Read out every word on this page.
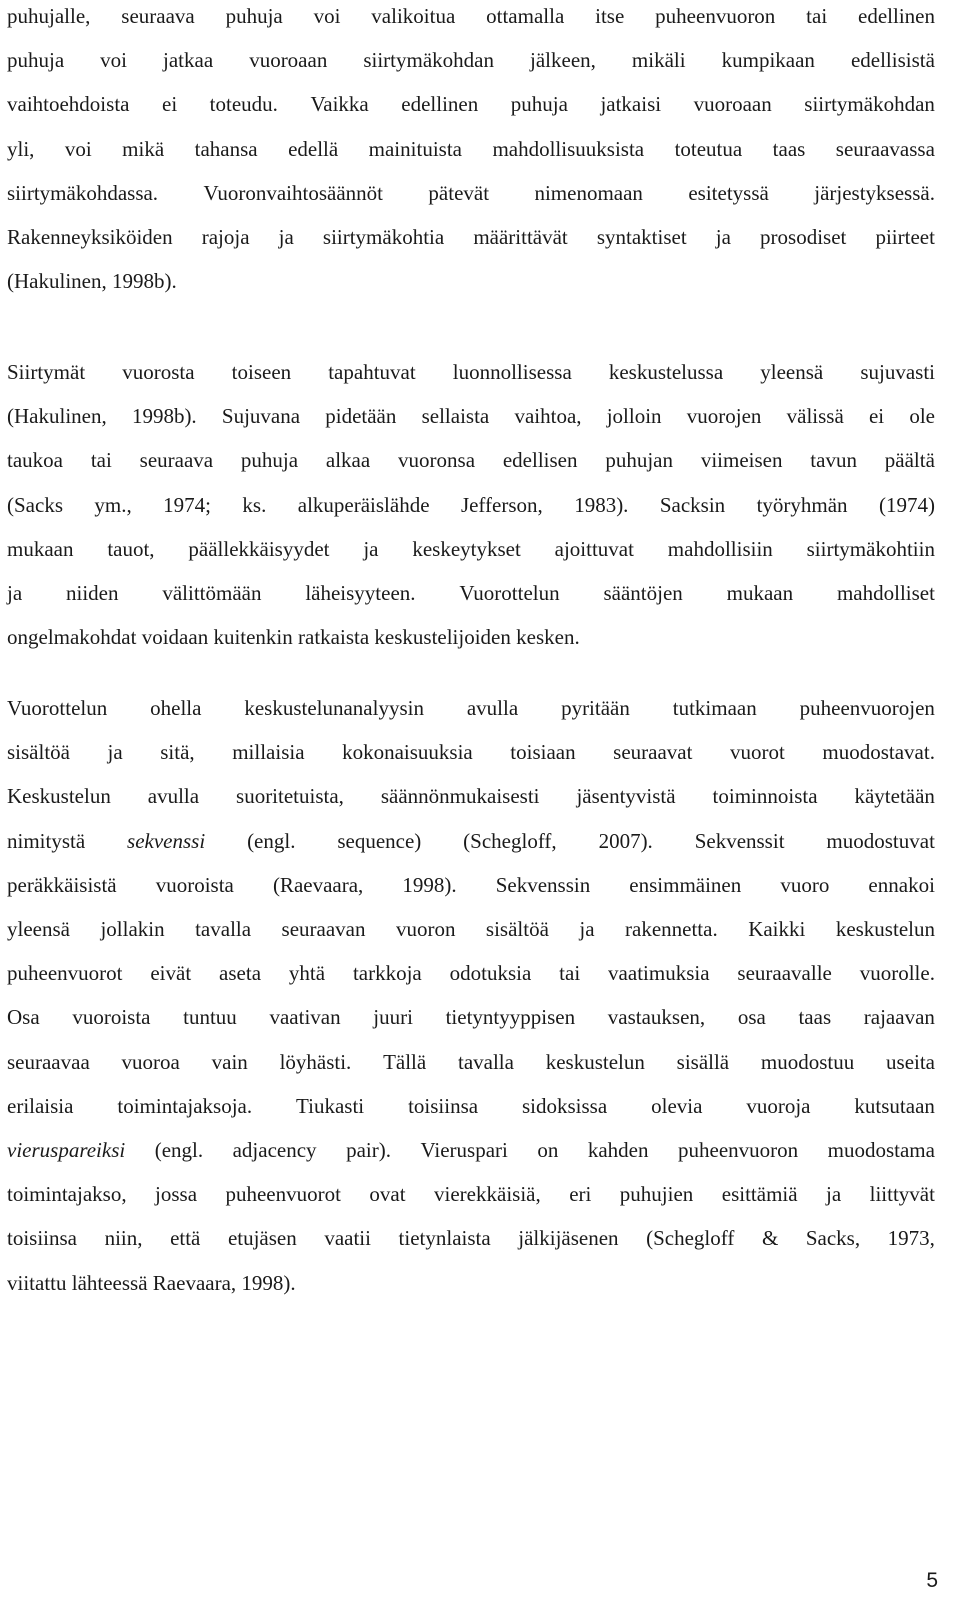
puhujalle, seuraava puhuja voi valikoitua ottamalla itse puheenvuoron tai edellinen
puhuja voi jatkaa vuoroaan siirtymäkohdan jälkeen, mikäli kumpikaan edellisistä
vaihtoehdoista ei toteudu. Vaikka edellinen puhuja jatkaisi vuoroaan siirtymäkohdan
yli, voi mikä tahansa edellä mainituista mahdollisuuksista toteutua taas seuraavassa
siirtymäkohdassa. Vuoronvaihtosäännöt pätevät nimenomaan esitetyssä järjestyksessä.
Rakenneyksiköiden rajoja ja siirtymäkohtia määrittävät syntaktiset ja prosodiset piirteet
(Hakulinen, 1998b).
Siirtymät vuorosta toiseen tapahtuvat luonnollisessa keskustelussa yleensä sujuvasti
(Hakulinen, 1998b). Sujuvana pidetään sellaista vaihtoa, jolloin vuorojen välissä ei ole
taukoa tai seuraava puhuja alkaa vuoronsa edellisen puhujan viimeisen tavun päältä
(Sacks ym., 1974; ks. alkuperäislähde Jefferson, 1983). Sacksin työryhmän (1974)
mukaan tauot, päällekkäisyydet ja keskeytykset ajoittuvat mahdollisiin siirtymäkohtiin
ja niiden välittömään läheisyyteen. Vuorottelun sääntöjen mukaan mahdolliset
ongelmakohdat voidaan kuitenkin ratkaista keskustelijoiden kesken.
Vuorottelun ohella keskustelunanalyysin avulla pyritään tutkimaan puheenvuorojen
sisältöä ja sitä, millaisia kokonaisuuksia toisiaan seuraavat vuorot muodostavat.
Keskustelun avulla suoritetuista, säännönmukaisesti jäsentyvistä toiminnoista käytetään
nimitystä sekvenssi (engl. sequence) (Schegloff, 2007). Sekvenssit muodostuvat
peräkkäisistä vuoroista (Raevaara, 1998). Sekvenssin ensimmäinen vuoro ennakoi
yleensä jollakin tavalla seuraavan vuoron sisältöä ja rakennetta. Kaikki keskustelun
puheenvuorot eivät aseta yhtä tarkkoja odotuksia tai vaatimuksia seuraavalle vuorolle.
Osa vuoroista tuntuu vaativan juuri tietyntyyppisen vastauksen, osa taas rajaavan
seuraavaa vuoroa vain löyhästi. Tällä tavalla keskustelun sisällä muodostuu useita
erilaisia toimintajaksoja. Tiukasti toisiinsa sidoksissa olevia vuoroja kutsutaan
vieruspareiksi (engl. adjacency pair). Vieruspari on kahden puheenvuoron muodostama
toimintajakso, jossa puheenvuorot ovat vierekkäisiä, eri puhujien esittämiä ja liittyvät
toisiinsa niin, että etujäsen vaatii tietynlaista jälkijäsenen (Schegloff & Sacks, 1973,
viitattu lähteessä Raevaara, 1998).
5
